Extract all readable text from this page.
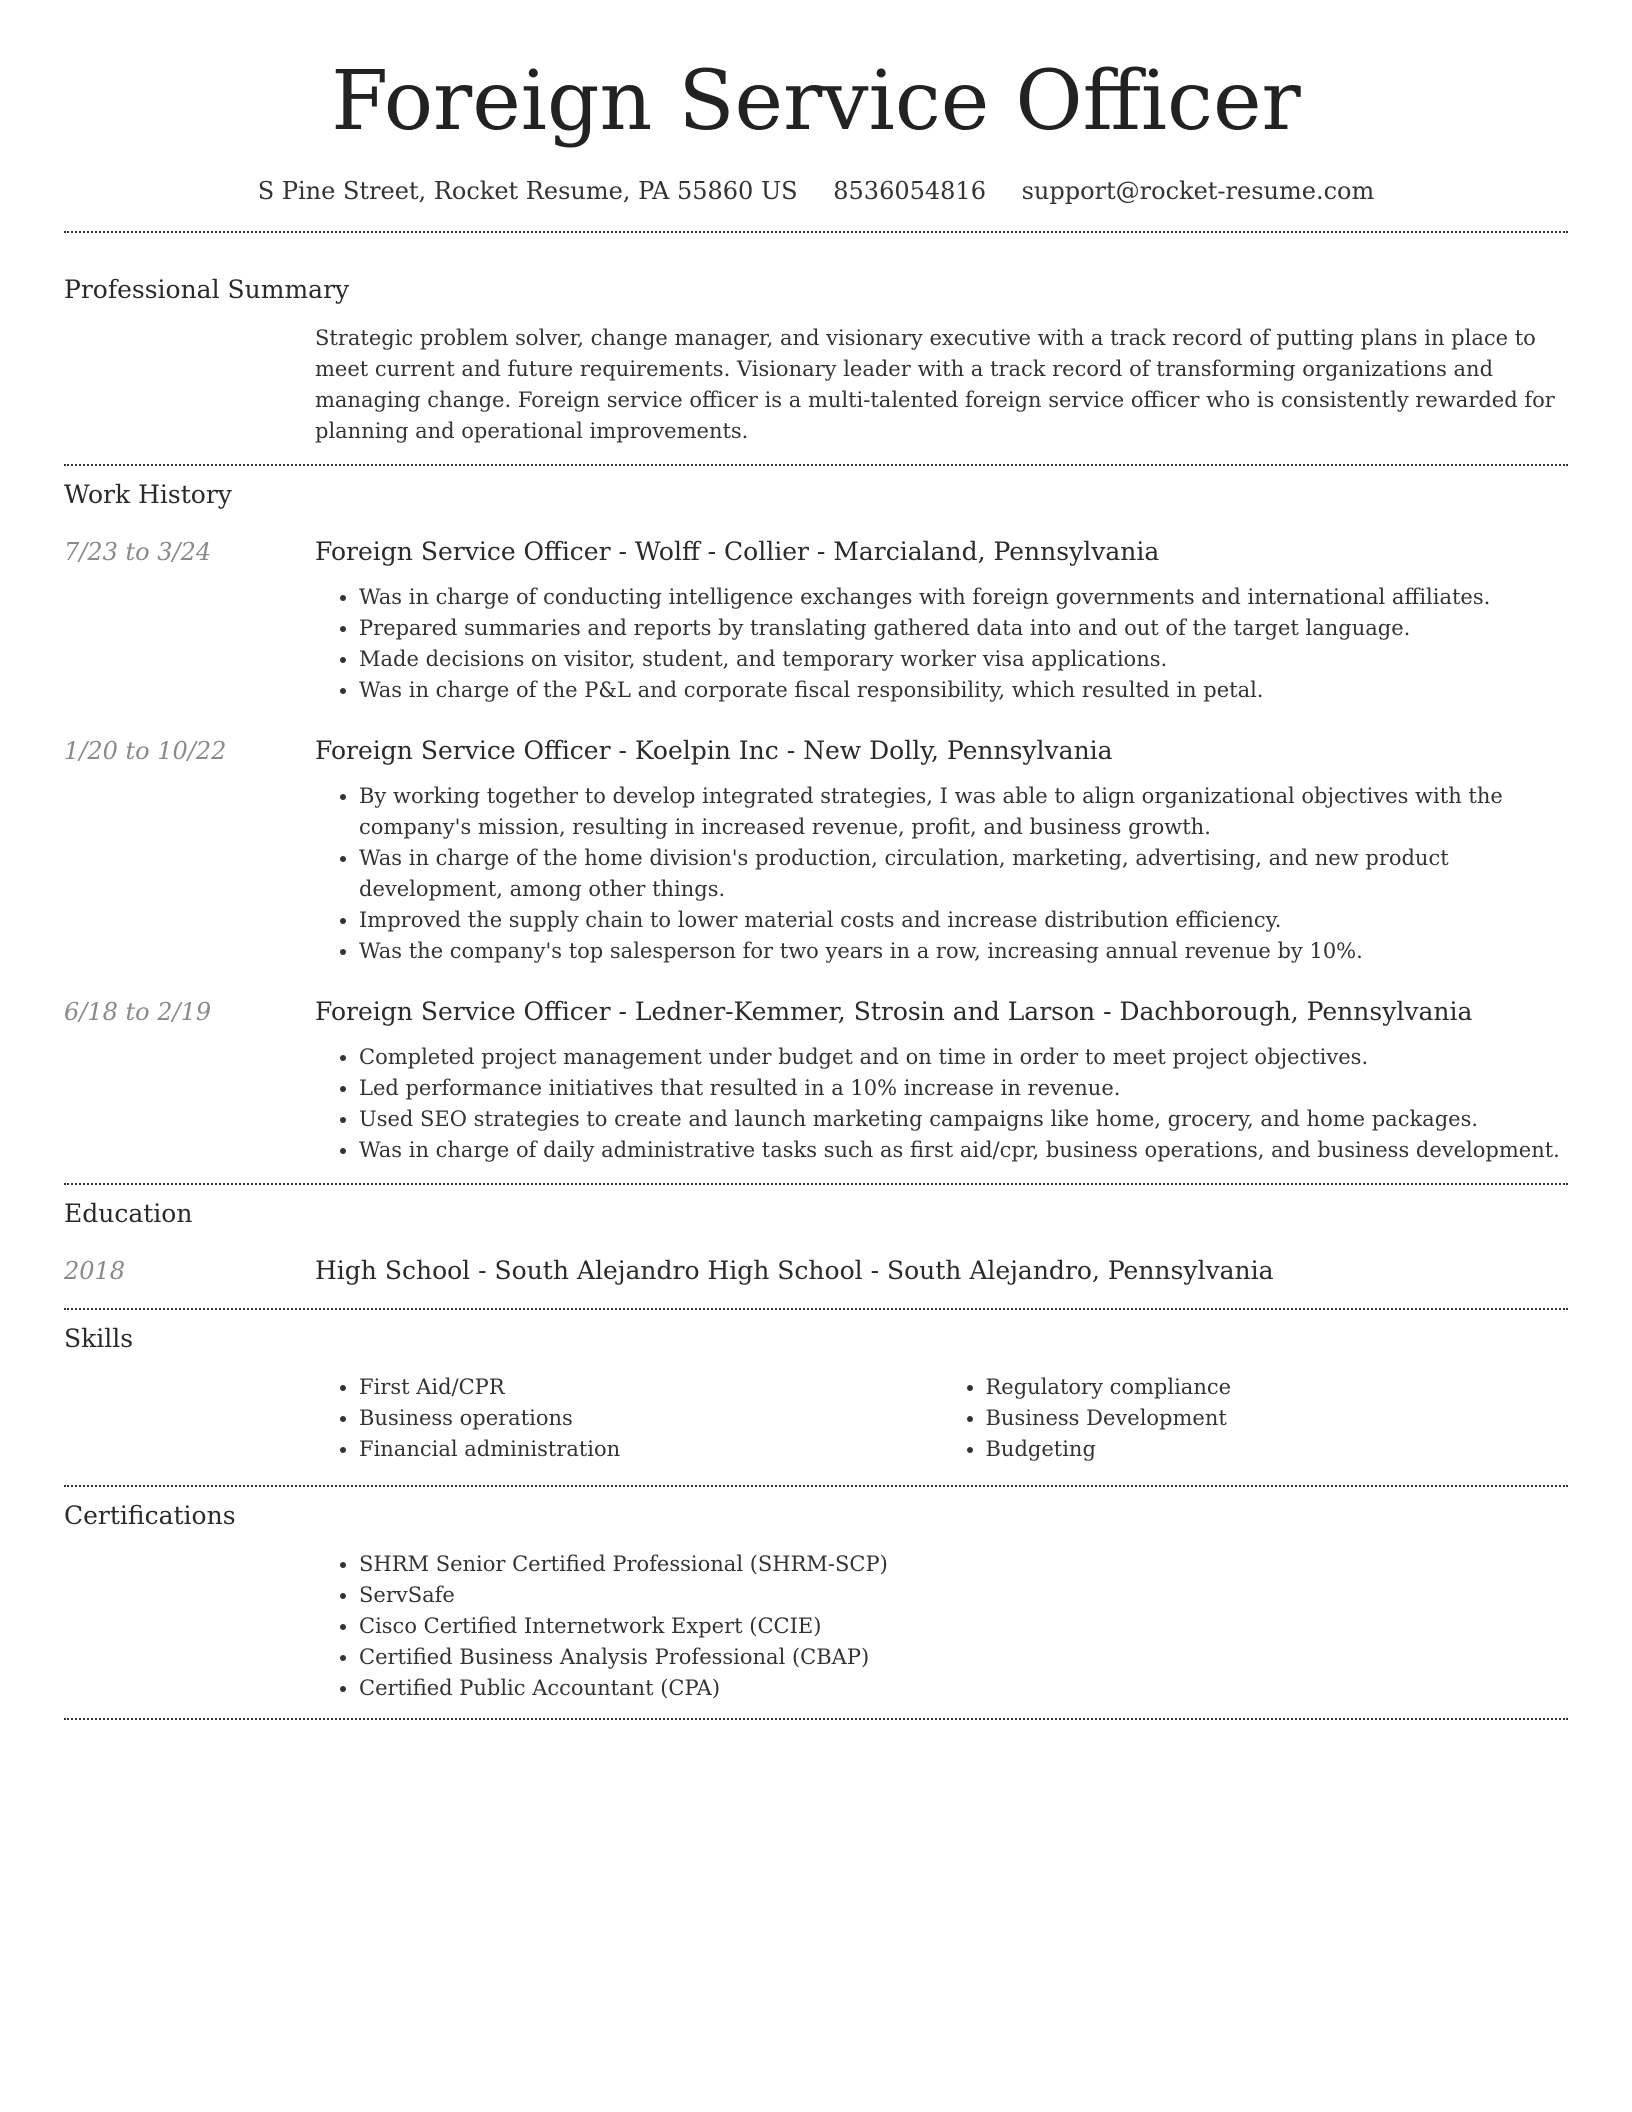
Foreign Service Officer
S Pine Street, Rocket Resume, PA 55860 US 8536054816 support@rocket-resume.com
Professional Summary
Strategic problem solver, change manager, and visionary executive with a track record of putting plans in place to meet current and future requirements. Visionary leader with a track record of transforming organizations and managing change. Foreign service officer is a multi-talented foreign service officer who is consistently rewarded for planning and operational improvements.
Work History
7/23 to 3/24	Foreign Service Officer - Wolff - Collier - Marcialand, Pennsylvania
• Was in charge of conducting intelligence exchanges with foreign governments and international affiliates.
• Prepared summaries and reports by translating gathered data into and out of the target language.
• Made decisions on visitor, student, and temporary worker visa applications.
• Was in charge of the P&L and corporate fiscal responsibility, which resulted in petal.
1/20 to 10/22	Foreign Service Officer - Koelpin Inc - New Dolly, Pennsylvania
• By working together to develop integrated strategies, I was able to align organizational objectives with the company's mission, resulting in increased revenue, profit, and business growth.
• Was in charge of the home division's production, circulation, marketing, advertising, and new product development, among other things.
• Improved the supply chain to lower material costs and increase distribution efficiency.
• Was the company's top salesperson for two years in a row, increasing annual revenue by 10%.
6/18 to 2/19	Foreign Service Officer - Ledner-Kemmer, Strosin and Larson - Dachborough, Pennsylvania
• Completed project management under budget and on time in order to meet project objectives.
• Led performance initiatives that resulted in a 10% increase in revenue.
• Used SEO strategies to create and launch marketing campaigns like home, grocery, and home packages.
• Was in charge of daily administrative tasks such as first aid/cpr, business operations, and business development.
Education
2018	High School - South Alejandro High School - South Alejandro, Pennsylvania
Skills
• First Aid/CPR
• Business operations
• Financial administration
• Regulatory compliance
• Business Development
• Budgeting
Certifications
• SHRM Senior Certified Professional (SHRM-SCP)
• ServSafe
• Cisco Certified Internetwork Expert (CCIE)
• Certified Business Analysis Professional (CBAP)
• Certified Public Accountant (CPA)
